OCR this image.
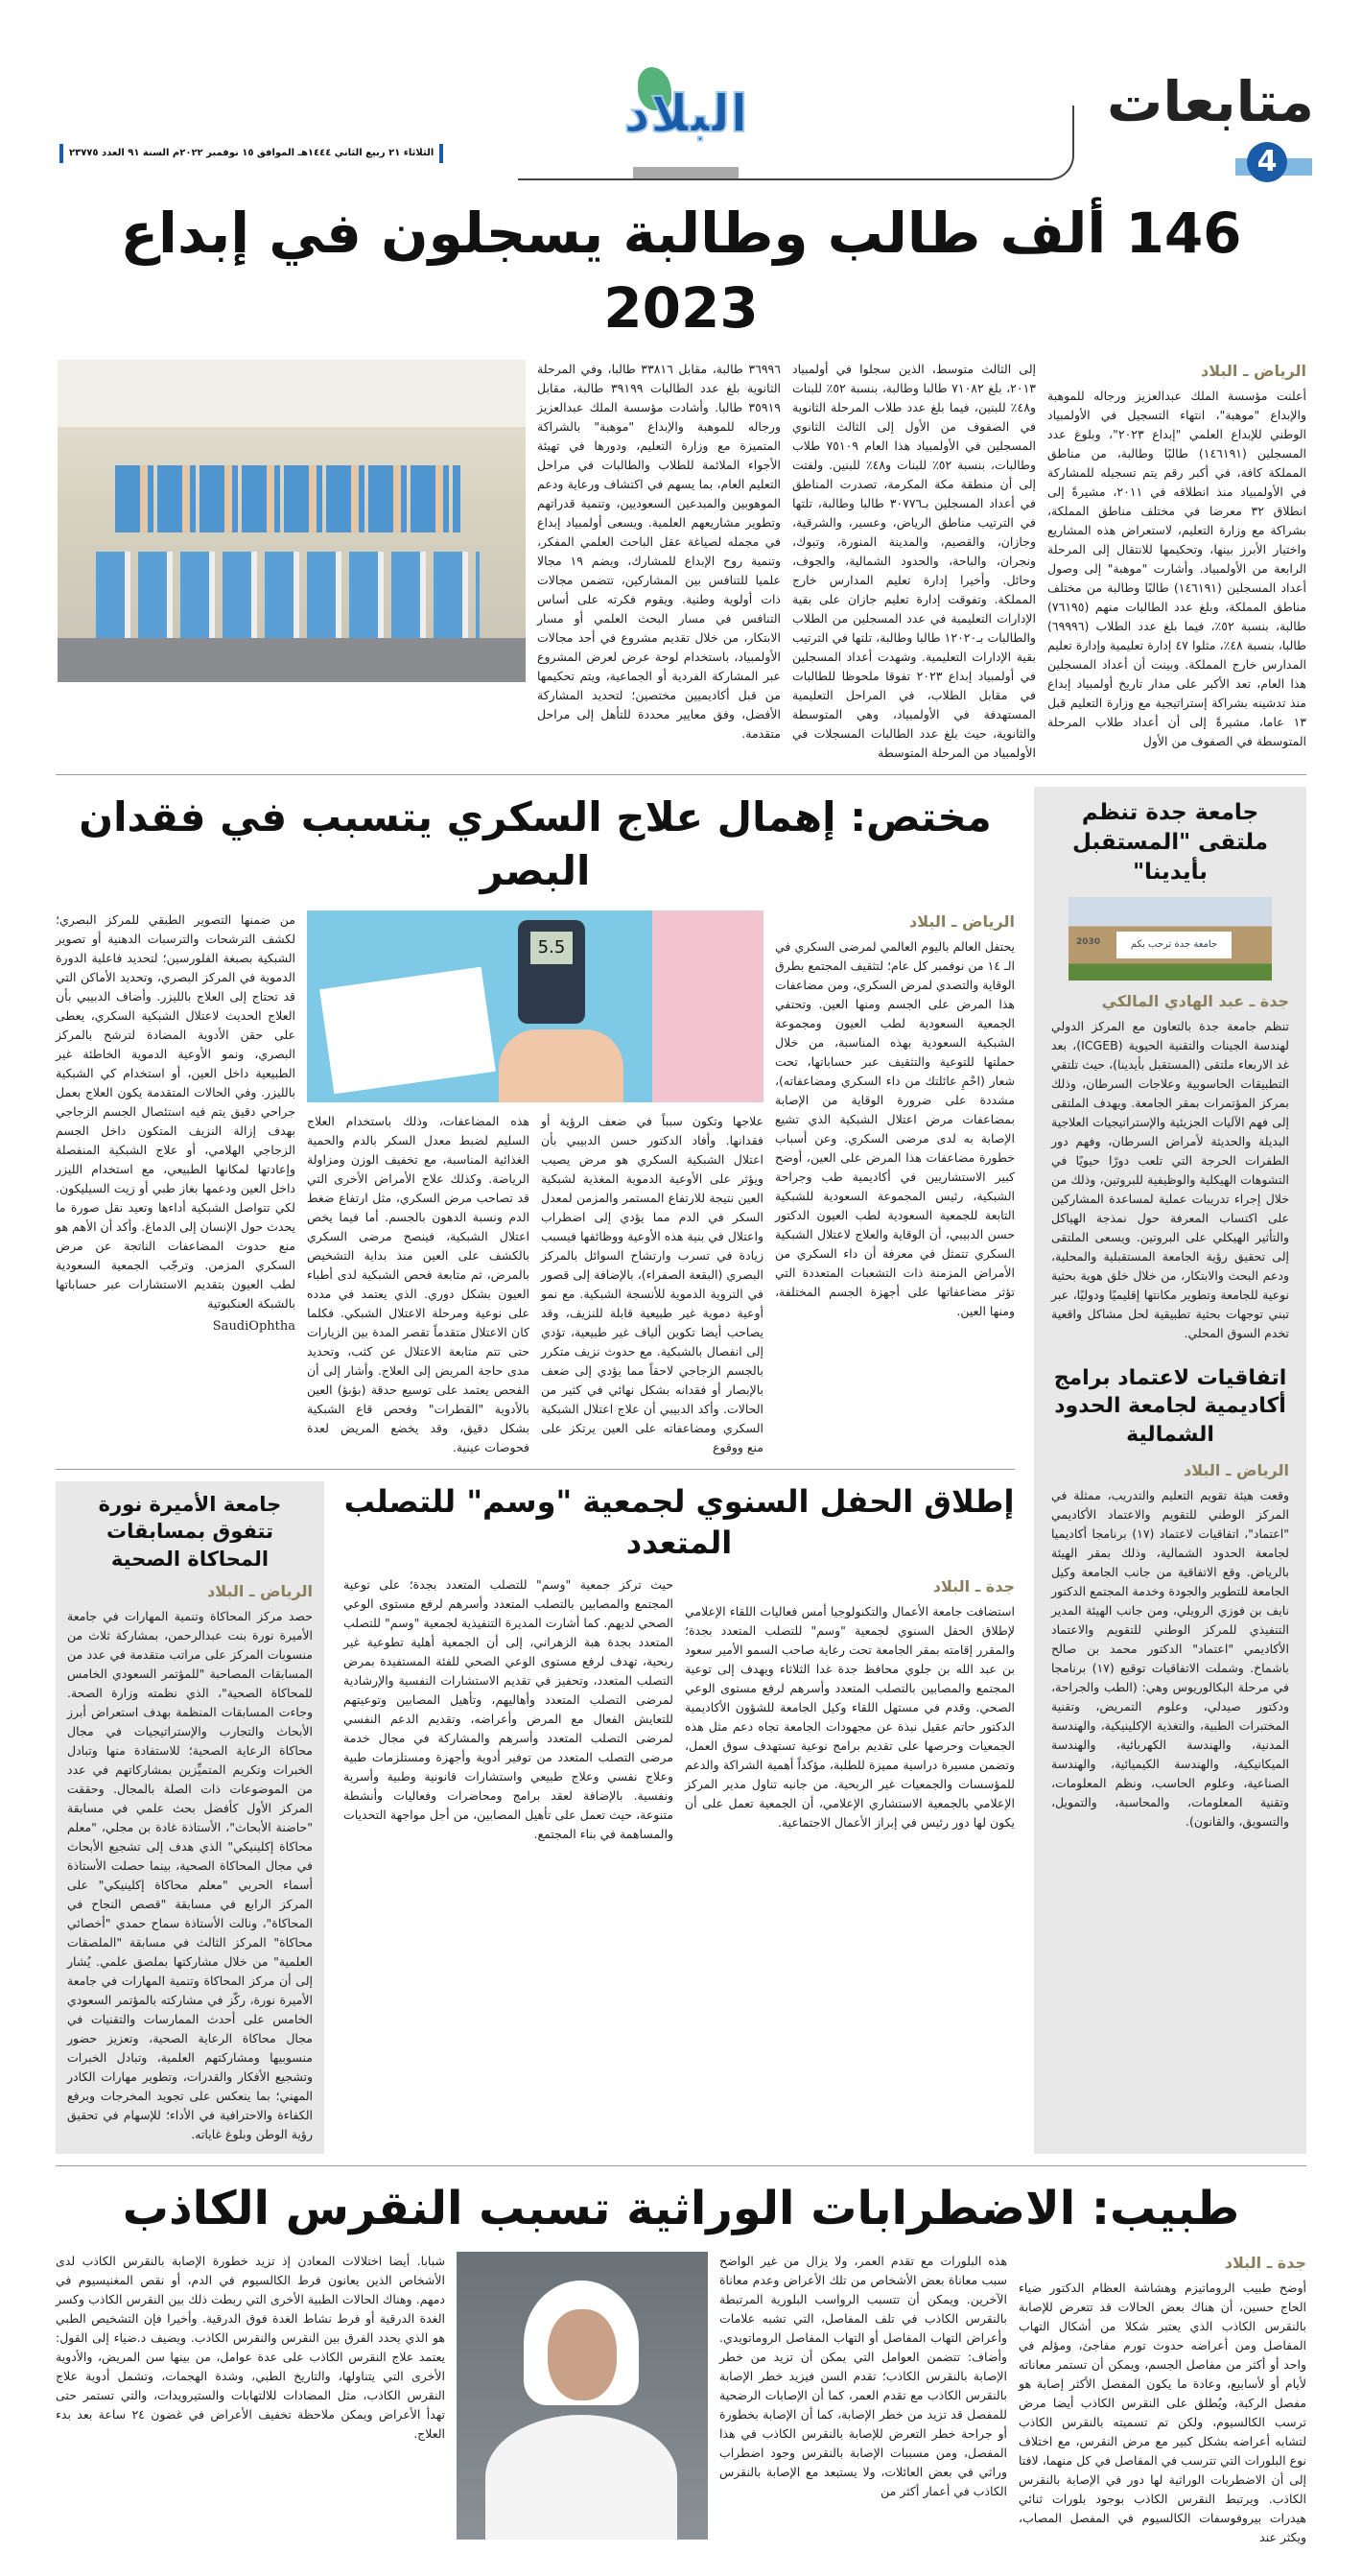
متابعات
4
البلاد
الثلاثاء ٢١ ربيع الثاني ١٤٤٤هـ الموافق ١٥ نوفمبر ٢٠٢٢م السنة ٩١ العدد ٢٣٧٧٥
146 ألف طالب وطالبة يسجلون في إبداع 2023
الرياض ـ البلاد

أعلنت مؤسسة الملك عبدالعزيز ورجاله للموهبة والإبداع "موهبة"، انتهاء التسجيل في الأولمبياد الوطني للإبداع العلمي "إبداع ٢٠٢٣"، وبلوغ عدد المسجلين (١٤٦١٩١) طالبًا وطالبة، من مناطق المملكة كافة، في أكبر رقم يتم تسجيله للمشاركة في الأولمبياد منذ انطلاقه في ٢٠١١، مشيرةً إلى انطلاق ٣٢ معرضا في مختلف مناطق المملكة، بشراكة مع وزارة التعليم، لاستعراض هذه المشاريع واختيار الأبرز بينها، وتحكيمها للانتقال إلى المرحلة الرابعة من الأولمبياد. وأشارت "موهبة" إلى وصول أعداد المسجلين (١٤٦١٩١) طالبًا وطالبة من مختلف مناطق المملكة، وبلغ عدد الطالبات منهم (٧٦١٩٥) طالبة، بنسبة ٥٢٪، فيما بلغ عدد الطلاب (٦٩٩٩٦) طالبا، بنسبة ٤٨٪، مثلوا ٤٧ إدارة تعليمية وإدارة تعليم المدارس خارج المملكة. وبينت أن أعداد المسجلين هذا العام، تعد الأكبر على مدار تاريخ أولمبياد إبداع منذ تدشينه بشراكة إستراتيجية مع وزارة التعليم قبل ١٣ عاما، مشيرةً إلى أن أعداد طلاب المرحلة المتوسطة في الصفوف من الأول

إلى الثالث متوسط، الذين سجلوا في أولمبياد ٢٠١٣، بلغ ٧١٠٨٢ طالبا وطالبة، بنسبة ٥٢٪ للبنات و٤٨٪ للبنين، فيما بلغ عدد طلاب المرحلة الثانوية في الصفوف من الأول إلى الثالث الثانوي المسجلين في الأولمبياد هذا العام ٧٥١٠٩ طلاب وطالبات، بنسبة ٥٢٪ للبنات و٤٨٪ للبنين. ولفتت إلى أن منطقة مكة المكرمة، تصدرت المناطق في أعداد المسجلين بـ٣٠٧٧٦ طالبا وطالبة، تلتها في الترتيب مناطق الرياض، وعسير، والشرقية، وجازان، والقصيم، والمدينة المنورة، وتبوك، ونجران، والباحة، والحدود الشمالية، والجوف، وحائل. وأخيرا إدارة تعليم المدارس خارج المملكة. وتفوقت إدارة تعليم جازان على بقية الإدارات التعليمية في عدد المسجلين من الطلاب والطالبات بـ١٢٠٢٠ طالبا وطالبة، تلتها في الترتيب بقية الإدارات التعليمية. وشهدت أعداد المسجلين في أولمبياد إبداع ٢٠٢٣ تفوقا ملحوظا للطالبات في مقابل الطلاب، في المراحل التعليمية المستهدفة في الأولمبياد، وهي المتوسطة والثانوية، حيث بلغ عدد الطالبات المسجلات في الأولمبياد من المرحلة المتوسطة

٣٦٩٩٦ طالبة، مقابل ٣٣٨١٦ طالبا، وفي المرحلة الثانوية بلغ عدد الطالبات ٣٩١٩٩ طالبة، مقابل ٣٥٩١٩ طالبا. وأشادت مؤسسة الملك عبدالعزيز ورجاله للموهبة والإبداع "موهبة" بالشراكة المتميزة مع وزارة التعليم، ودورها في تهيئة الأجواء الملائمة للطلاب والطالبات في مراحل التعليم العام، بما يسهم في اكتشاف ورعاية ودعم الموهوبين والمبدعين السعوديين، وتنمية قدراتهم وتطوير مشاريعهم العلمية. ويسعى أولمبياد إبداع في مجمله لصياغة عقل الباحث العلمي المفكر، وتنمية روح الإبداع للمشارك، ويضم ١٩ مجالا علميا للتنافس بين المشاركين، تتضمن مجالات ذات أولوية وطنية. ويقوم فكرته على أساس التنافس في مسار البحث العلمي أو مسار الابتكار، من خلال تقديم مشروع في أحد مجالات الأولمبياد، باستخدام لوحة عرض لعرض المشروع عبر المشاركة الفردية أو الجماعية، ويتم تحكيمها من قبل أكاديميين مختصين؛ لتحديد المشاركة الأفضل، وفق معايير محددة للتأهل إلى مراحل متقدمة.

جامعة جدة تنظم ملتقى "المستقبل بأيدينا"
جامعة جدة ترحب بكم
2030
جدة ـ عبد الهادي المالكي

تنظم جامعة جدة بالتعاون مع المركز الدولي لهندسة الجينات والتقنية الحيوية (ICGEB)، بعد غد الاربعاء ملتقى (المستقبل بأيدينا)، حيث تلتقي التطبيقات الحاسوبية وعلاجات السرطان، وذلك بمركز المؤتمرات بمقر الجامعة. ويهدف الملتقى إلى فهم الآليات الجزيئية والإستراتيجيات العلاجية البديلة والحديثة لأمراض السرطان، وفهم دور الطفرات الحرجة التي تلعب دورًا حيويًا في التشوهات الهيكلية والوظيفية للبروتين، وذلك من خلال إجراء تدريبات عملية لمساعدة المشاركين على اكتساب المعرفة حول نمذجة الهياكل والتأثير الهيكلي على البروتين. ويسعى الملتقى إلى تحقيق رؤية الجامعة المستقبلية والمحلية، ودعم البحث والابتكار، من خلال خلق هوية بحثية نوعية للجامعة وتطوير مكانتها إقليميًا ودوليًا، عبر تبني توجهات بحثية تطبيقية لحل مشاكل واقعية تخدم السوق المحلي.

اتفاقيات لاعتماد برامج أكاديمية لجامعة الحدود الشمالية
الرياض ـ البلاد

وقعت هيئة تقويم التعليم والتدريب، ممثلة في المركز الوطني للتقويم والاعتماد الأكاديمي "اعتماد"، اتفاقيات لاعتماد (١٧) برنامجا أكاديميا لجامعة الحدود الشمالية، وذلك بمقر الهيئة بالرياض. وقع الاتفاقية من جانب الجامعة وكيل الجامعة للتطوير والجودة وخدمة المجتمع الدكتور نايف بن فوزي الرويلي، ومن جانب الهيئة المدير التنفيذي للمركز الوطني للتقويم والاعتماد الأكاديمي "اعتماد" الدكتور محمد بن صالح باشماخ. وشملت الاتفاقيات توقيع (١٧) برنامجا في مرحلة البكالوريوس وهي: (الطب والجراحة، ودكتور صيدلي، وعلوم التمريض، وتقنية المختبرات الطبية، والتغذية الإكلينيكية، والهندسة المدنية، والهندسة الكهربائية، والهندسة الميكانيكية، والهندسة الكيميائية، والهندسة الصناعية، وعلوم الحاسب، ونظم المعلومات، وتقنية المعلومات، والمحاسبة، والتمويل، والتسويق، والقانون).

مختص: إهمال علاج السكري يتسبب في فقدان البصر
الرياض ـ البلاد

يحتفل العالم باليوم العالمي لمرضى السكري في الـ ١٤ من نوفمبر كل عام؛ لتثقيف المجتمع بطرق الوقاية والتصدي لمرض السكري، ومن مضاعفات هذا المرض على الجسم ومنها العين. وتحتفي الجمعية السعودية لطب العيون ومجموعة الشبكية السعودية بهذه المناسبة، من خلال حملتها للتوعية والتثقيف عبر حساباتها، تحت شعار (احْمِ عائلتك من داء السكري ومضاعفاته)، مشددة على ضرورة الوقاية من الإصابة بمضاعفات مرض اعتلال الشبكية الذي تشيع الإصابة به لدى مرضى السكري. وعن أسباب خطورة مضاعفات هذا المرض على العين، أوضح كبير الاستشاريين في أكاديمية طب وجراحة الشبكية، رئيس المجموعة السعودية للشبكية التابعة للجمعية السعودية لطب العيون الدكتور حسن الدبيبي، أن الوقاية والعلاج لاعتلال الشبكية السكري تتمثل في معرفة أن داء السكري من الأمراض المزمنة ذات التشعبات المتعددة التي تؤثر مضاعفاتها على أجهزة الجسم المختلفة، ومنها العين.

5.5

علاجها وتكون سبباً في ضعف الرؤية أو فقدانها. وأفاد الدكتور حسن الدبيبي بأن اعتلال الشبكية السكري هو مرض يصيب ويؤثر على الأوعية الدموية المغذية لشبكية العين نتيجة للارتفاع المستمر والمزمن لمعدل السكر في الدم مما يؤدي إلى اضطراب واعتلال في بنية هذه الأوعية ووظائفها فيسبب زيادة في تسرب وارتشاح السوائل بالمركز البصري (البقعة الصفراء)، بالإضافة إلى قصور في التروية الدموية للأنسجة الشبكية. مع نمو أوعية دموية غير طبيعية قابلة للنزيف، وقد يصاحب أيضا تكوين ألياف غير طبيعية، تؤدي إلى انفصال بالشبكية. مع حدوث نزيف متكرر بالجسم الزجاجي لاحقاً مما يؤدي إلى ضعف بالإبصار أو فقدانه بشكل نهائي في كثير من الحالات. وأكد الدبيبي أن علاج اعتلال الشبكية السكري ومضاعفاته على العين يرتكز على منع ووقوع

هذه المضاعفات، وذلك باستخدام العلاج السليم لضبط معدل السكر بالدم والحمية الغذائية المناسبة، مع تخفيف الوزن ومزاولة الرياضة. وكذلك علاج الأمراض الأخرى التي قد تصاحب مرض السكري، مثل ارتفاع ضغط الدم ونسبة الدهون بالجسم. أما فيما يخص اعتلال الشبكية، فينصح مرضى السكري بالكشف على العين منذ بداية التشخيص بالمرض، ثم متابعة فحص الشبكية لدى أطباء العيون بشكل دوري. الذي يعتمد في مدده على نوعية ومرحلة الاعتلال الشبكي. فكلما كان الاعتلال متقدماً تقصر المدة بين الزيارات حتى تتم متابعة الاعتلال عن كثب، وتحديد مدى حاجة المريض إلى العلاج. وأشار إلى أن الفحص يعتمد على توسيع حدقة (بؤبؤ) العين بالأدوية "القطرات" وفحص قاع الشبكية بشكل دقيق، وقد يخضع المريض لعدة فحوصات عينية.

من ضمنها التصوير الطبقي للمركز البصري؛ لكشف الترشحات والترسبات الدهنية أو تصوير الشبكية بصبغة الفلورسين؛ لتحديد فاعلية الدورة الدموية في المركز البصري، وتحديد الأماكن التي قد تحتاج إلى العلاج بالليزر. وأضاف الدبيبي بأن العلاج الحديث لاعتلال الشبكية السكري، يعطى على حقن الأدوية المضادة لترشح بالمركز البصري، ونمو الأوعية الدموية الخاطئة غير الطبيعية داخل العين، أو استخدام كي الشبكية بالليزر. وفي الحالات المتقدمة يكون العلاج بعمل جراحي دقيق يتم فيه استئصال الجسم الزجاجي بهدف إزالة النزيف المتكون داخل الجسم الزجاجي الهلامي، أو علاج الشبكية المنفصلة وإعادتها لمكانها الطبيعي، مع استخدام الليزر داخل العين ودعمها بغاز طبي أو زيت السيليكون. لكي تتواصل الشبكية أداءها وتعيد نقل صورة ما يحدث حول الإنسان إلى الدماغ. وأكد أن الأهم هو منع حدوث المضاعفات الناتجة عن مرض السكري المزمن. وترجّب الجمعية السعودية لطب العيون بتقديم الاستشارات عبر حساباتها بالشبكة العنكبوتية

SaudiOphtha
إطلاق الحفل السنوي لجمعية "وسم" للتصلب المتعدد
جدة ـ البلاد

استضافت جامعة الأعمال والتكنولوجيا أمس فعاليات اللقاء الإعلامي لإطلاق الحفل السنوي لجمعية "وسم" للتصلب المتعدد بجدة؛ والمقرر إقامته بمقر الجامعة تحت رعاية صاحب السمو الأمير سعود بن عبد الله بن جلوي محافظ جدة غدا الثلاثاء ويهدف إلى توعية المجتمع والمصابين بالتصلب المتعدد وأسرهم لرفع مستوى الوعي الصحي. وقدم في مستهل اللقاء وكيل الجامعة للشؤون الأكاديمية الدكتور حاتم عقيل نبذة عن مجهودات الجامعة تجاه دعم مثل هذه الجمعيات وحرصها على تقديم برامج نوعية تستهدف سوق العمل، وتضمن مسيرة دراسية مميزة للطلبة، مؤكداً أهمية الشراكة والدعم للمؤسسات والجمعيات غير الربحية. من جانبه تناول مدير المركز الإعلامي بالجمعية الاستشاري الإعلامي، أن الجمعية تعمل على أن يكون لها دور رئيس في إبراز الأعمال الاجتماعية.

حيث تركز جمعية "وسم" للتصلب المتعدد بجدة؛ على توعية المجتمع والمصابين بالتصلب المتعدد وأسرهم لرفع مستوى الوعي الصحي لديهم. كما أشارت المديرة التنفيذية لجمعية "وسم" للتصلب المتعدد بجدة هبة الزهراني، إلى أن الجمعية أهلية تطوعية غير ربحية، تهدف لرفع مستوى الوعي الصحي للفئة المستفيدة بمرض التصلب المتعدد، وتحفيز في تقديم الاستشارات النفسية والإرشادية لمرضى التصلب المتعدد وأهاليهم، وتأهيل المصابين وتوعيتهم للتعايش الفعال مع المرض وأعراضه، وتقديم الدعم النفسي لمرضى التصلب المتعدد وأسرهم والمشاركة في مجال خدمة مرضى التصلب المتعدد من توفير أدوية وأجهزة ومستلزمات طبية وعلاج نفسي وعلاج طبيعي واستشارات قانونية وطبية وأسرية ونفسية. بالإضافة لعقد برامج ومحاضرات وفعاليات وأنشطة متنوعة، حيث تعمل على تأهيل المصابين، من أجل مواجهة التحديات والمساهمة في بناء المجتمع.

جامعة الأميرة نورة تتفوق بمسابقات المحاكاة الصحية
الرياض ـ البلاد

حصد مركز المحاكاة وتنمية المهارات في جامعة الأميرة نورة بنت عبدالرحمن، بمشاركة ثلاث من منسوبات المركز على مراتب متقدمة في عدد من المسابقات المصاحبة "للمؤتمر السعودي الخامس للمحاكاة الصحية"، الذي نظمته وزارة الصحة. وجاءت المسابقات المنظمة بهدف استعراض أبرز الأبحاث والتجارب والإستراتيجيات في مجال محاكاة الرعاية الصحية؛ للاستفادة منها وتبادل الخبرات وتكريم المتميِّزين بمشاركاتهم في عدد من الموضوعات ذات الصلة بالمجال. وحققت المركز الأول كأفضل بحث علمي في مسابقة "حاضنة الأبحاث"، الأستاذة غادة بن مجلي، "معلم محاكاة إكلينيكي" الذي هدف إلى تشجيع الأبحاث في مجال المحاكاة الصحية، بينما حصلت الأستاذة أسماء الحربي "معلم محاكاة إكلينيكي" على المركز الرابع في مسابقة "قصص النجاح في المحاكاة"، ونالت الأستاذة سماح حمدي "أخصائي محاكاة" المركز الثالث في مسابقة "الملصقات العلمية" من خلال مشاركتها بملصق علمي. يُشار إلى أن مركز المحاكاة وتنمية المهارات في جامعة الأميرة نورة، ركّز في مشاركته بالمؤتمر السعودي الخامس على أحدث الممارسات والتقنيات في مجال محاكاة الرعاية الصحية، وتعزيز حضور منسوبيها ومشاركتهم العلمية، وتبادل الخبرات وتشجيع الأفكار والقدرات، وتطوير مهارات الكادر المهني؛ بما ينعكس على تجويد المخرجات وبرفع الكفاءة والاحترافية في الأداء؛ للإسهام في تحقيق رؤية الوطن وبلوغ غاياته.

طبيب: الاضطرابات الوراثية تسبب النقرس الكاذب
جدة ـ البلاد

أوضح طبيب الروماتيزم وهشاشة العظام الدكتور ضياء الحاج حسين، أن هناك بعض الحالات قد تتعرض للإصابة بالنقرس الكاذب الذي يعتبر شكلا من أشكال التهاب المفاصل ومن أعراضه حدوث تورم مفاجئ، ومؤلم في واحد أو أكثر من مفاصل الجسم، ويمكن أن تستمر معاناته لأيام أو لأسابيع، وعادة ما يكون المفصل الأكثر إصابة هو مفصل الركبة، ويُطلق على النقرس الكاذب أيضا مرض ترسب الكالسيوم، ولكن تم تسميته بالنقرس الكاذب لتشابه أعراضه بشكل كبير مع مرض النقرس، مع اختلاف نوع البلورات التي تترسب في المفاصل في كل منهما، لافتا إلى أن الاضطربات الوراثية لها دور في الإصابة بالنقرس الكاذب. ويرتبط النقرس الكاذب بوجود بلورات ثنائي هيدرات بيروفوسفات الكالسيوم في المفصل المصاب، ويكثر عند

هذه البلورات مع تقدم العمر، ولا يزال من غير الواضح سبب معاناة بعض الأشخاص من تلك الأعراض وعدم معاناة الآخرين. ويمكن أن تتسبب الرواسب البلورية المرتبطة بالنقرس الكاذب في تلف المفاصل، التي تشبه علامات وأعراض التهاب المفاصل أو التهاب المفاصل الروماتويدي. وأضاف: تتضمن العوامل التي يمكن أن تزيد من خطر الإصابة بالنقرس الكاذب؛ تقدم السن فيزيد خطر الإصابة بالنقرس الكاذب مع تقدم العمر، كما أن الإصابات الرضحية للمفصل قد تزيد من خطر الإصابة، كما أن الإصابة بخطورة أو جراحة خطر التعرض للإصابة بالنقرس الكاذب في هذا المفصل، ومن مسببات الإصابة بالنقرس وجود اضطراب وراثي في بعض العائلات، ولا يستبعد مع الإصابة بالنقرس الكاذب في أعمار أكثر من

شبابا. أيضا اختلالات المعادن إذ تزيد خطورة الإصابة بالنقرس الكاذب لدى الأشخاص الذين يعانون فرط الكالسيوم في الدم، أو نقص المغنيسيوم في دمهم. وهناك الحالات الطبية الأخرى التي ربطت ذلك بين النقرس الكاذب وكسر الغدة الدرقية أو فرط نشاط الغدة فوق الدرقية. وأخيرا فإن التشخيص الطبي هو الذي يحدد الفرق بين النقرس والنقرس الكاذب. ويضيف د.ضياء إلى القول: يعتمد علاج النقرس الكاذب على عدة عوامل، من بينها سن المريض، والأدوية الأخرى التي يتناولها، والتاريخ الطبي، وشدة الهجمات، وتشمل أدوية علاج النقرس الكاذب، مثل المضادات للالتهابات والستيرويدات، والتي تستمر حتى تهدأ الأعراض ويمكن ملاحظة تخفيف الأعراض في غضون ٢٤ ساعة بعد بدء العلاج.
